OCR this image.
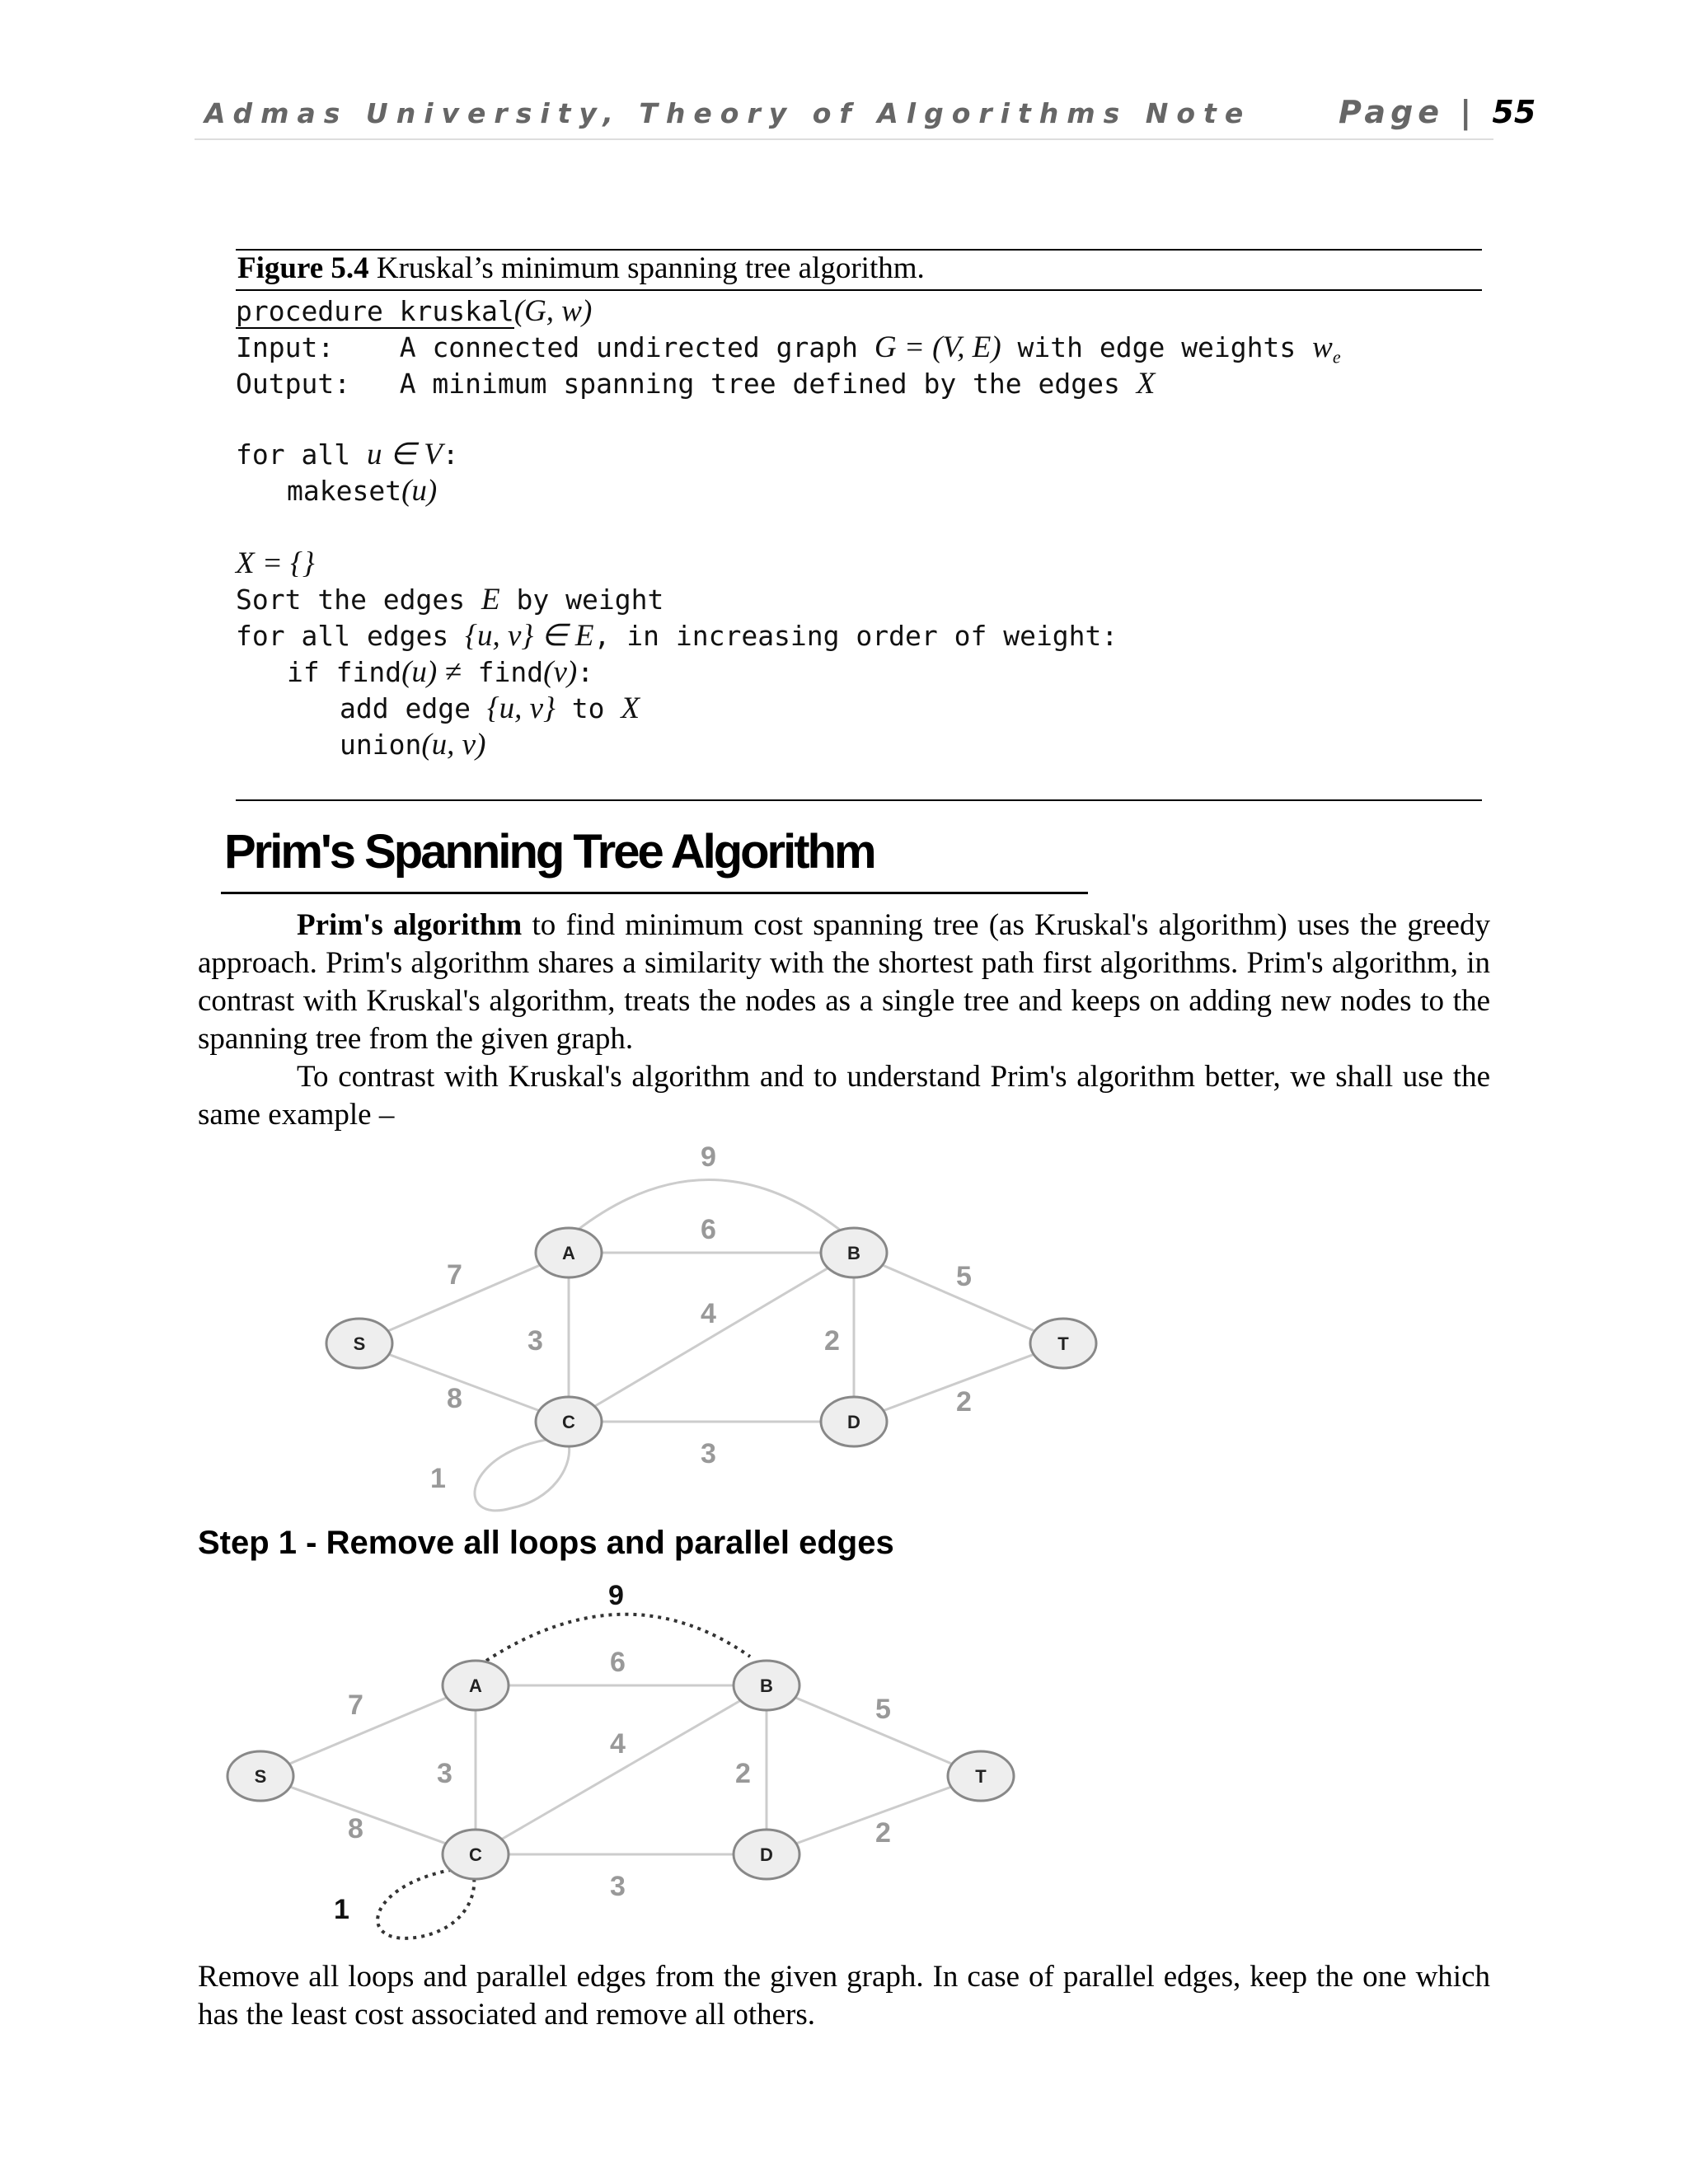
Admas University, Theory of Algorithms Note	Page | 55
Figure 5.4 Kruskal’s minimum spanning tree algorithm.
procedure kruskal(G, w)
Input: A connected undirected graph G = (V, E) with edge weights $w_e$
Output: A minimum spanning tree defined by the edges X
for all u ∈ V:
makeset(u)
X = {}
Sort the edges E by weight
for all edges {u, v} ∈ E, in increasing order of weight:
if find(u) ≠ find(v):
add edge {u, v} to X
union(u, v)
Prim's Spanning Tree Algorithm
Prim's algorithm to find minimum cost spanning tree (as Kruskal's algorithm) uses the greedy approach. Prim's algorithm shares a similarity with the shortest path first algorithms. Prim's algorithm, in contrast with Kruskal's algorithm, treats the nodes as a single tree and keeps on adding new nodes to the spanning tree from the given graph.
To contrast with Kruskal's algorithm and to understand Prim's algorithm better, we shall use the same example –
7
8
6
9
3
4
3
2
5
2
1
S
A	B
C	D
T
Step 1 - Remove all loops and parallel edges
7
8
6
3
4
3
2
5
2
9
1
S
A	B
C	D
T
Remove all loops and parallel edges from the given graph. In case of parallel edges, keep the one which has the least cost associated and remove all others.
